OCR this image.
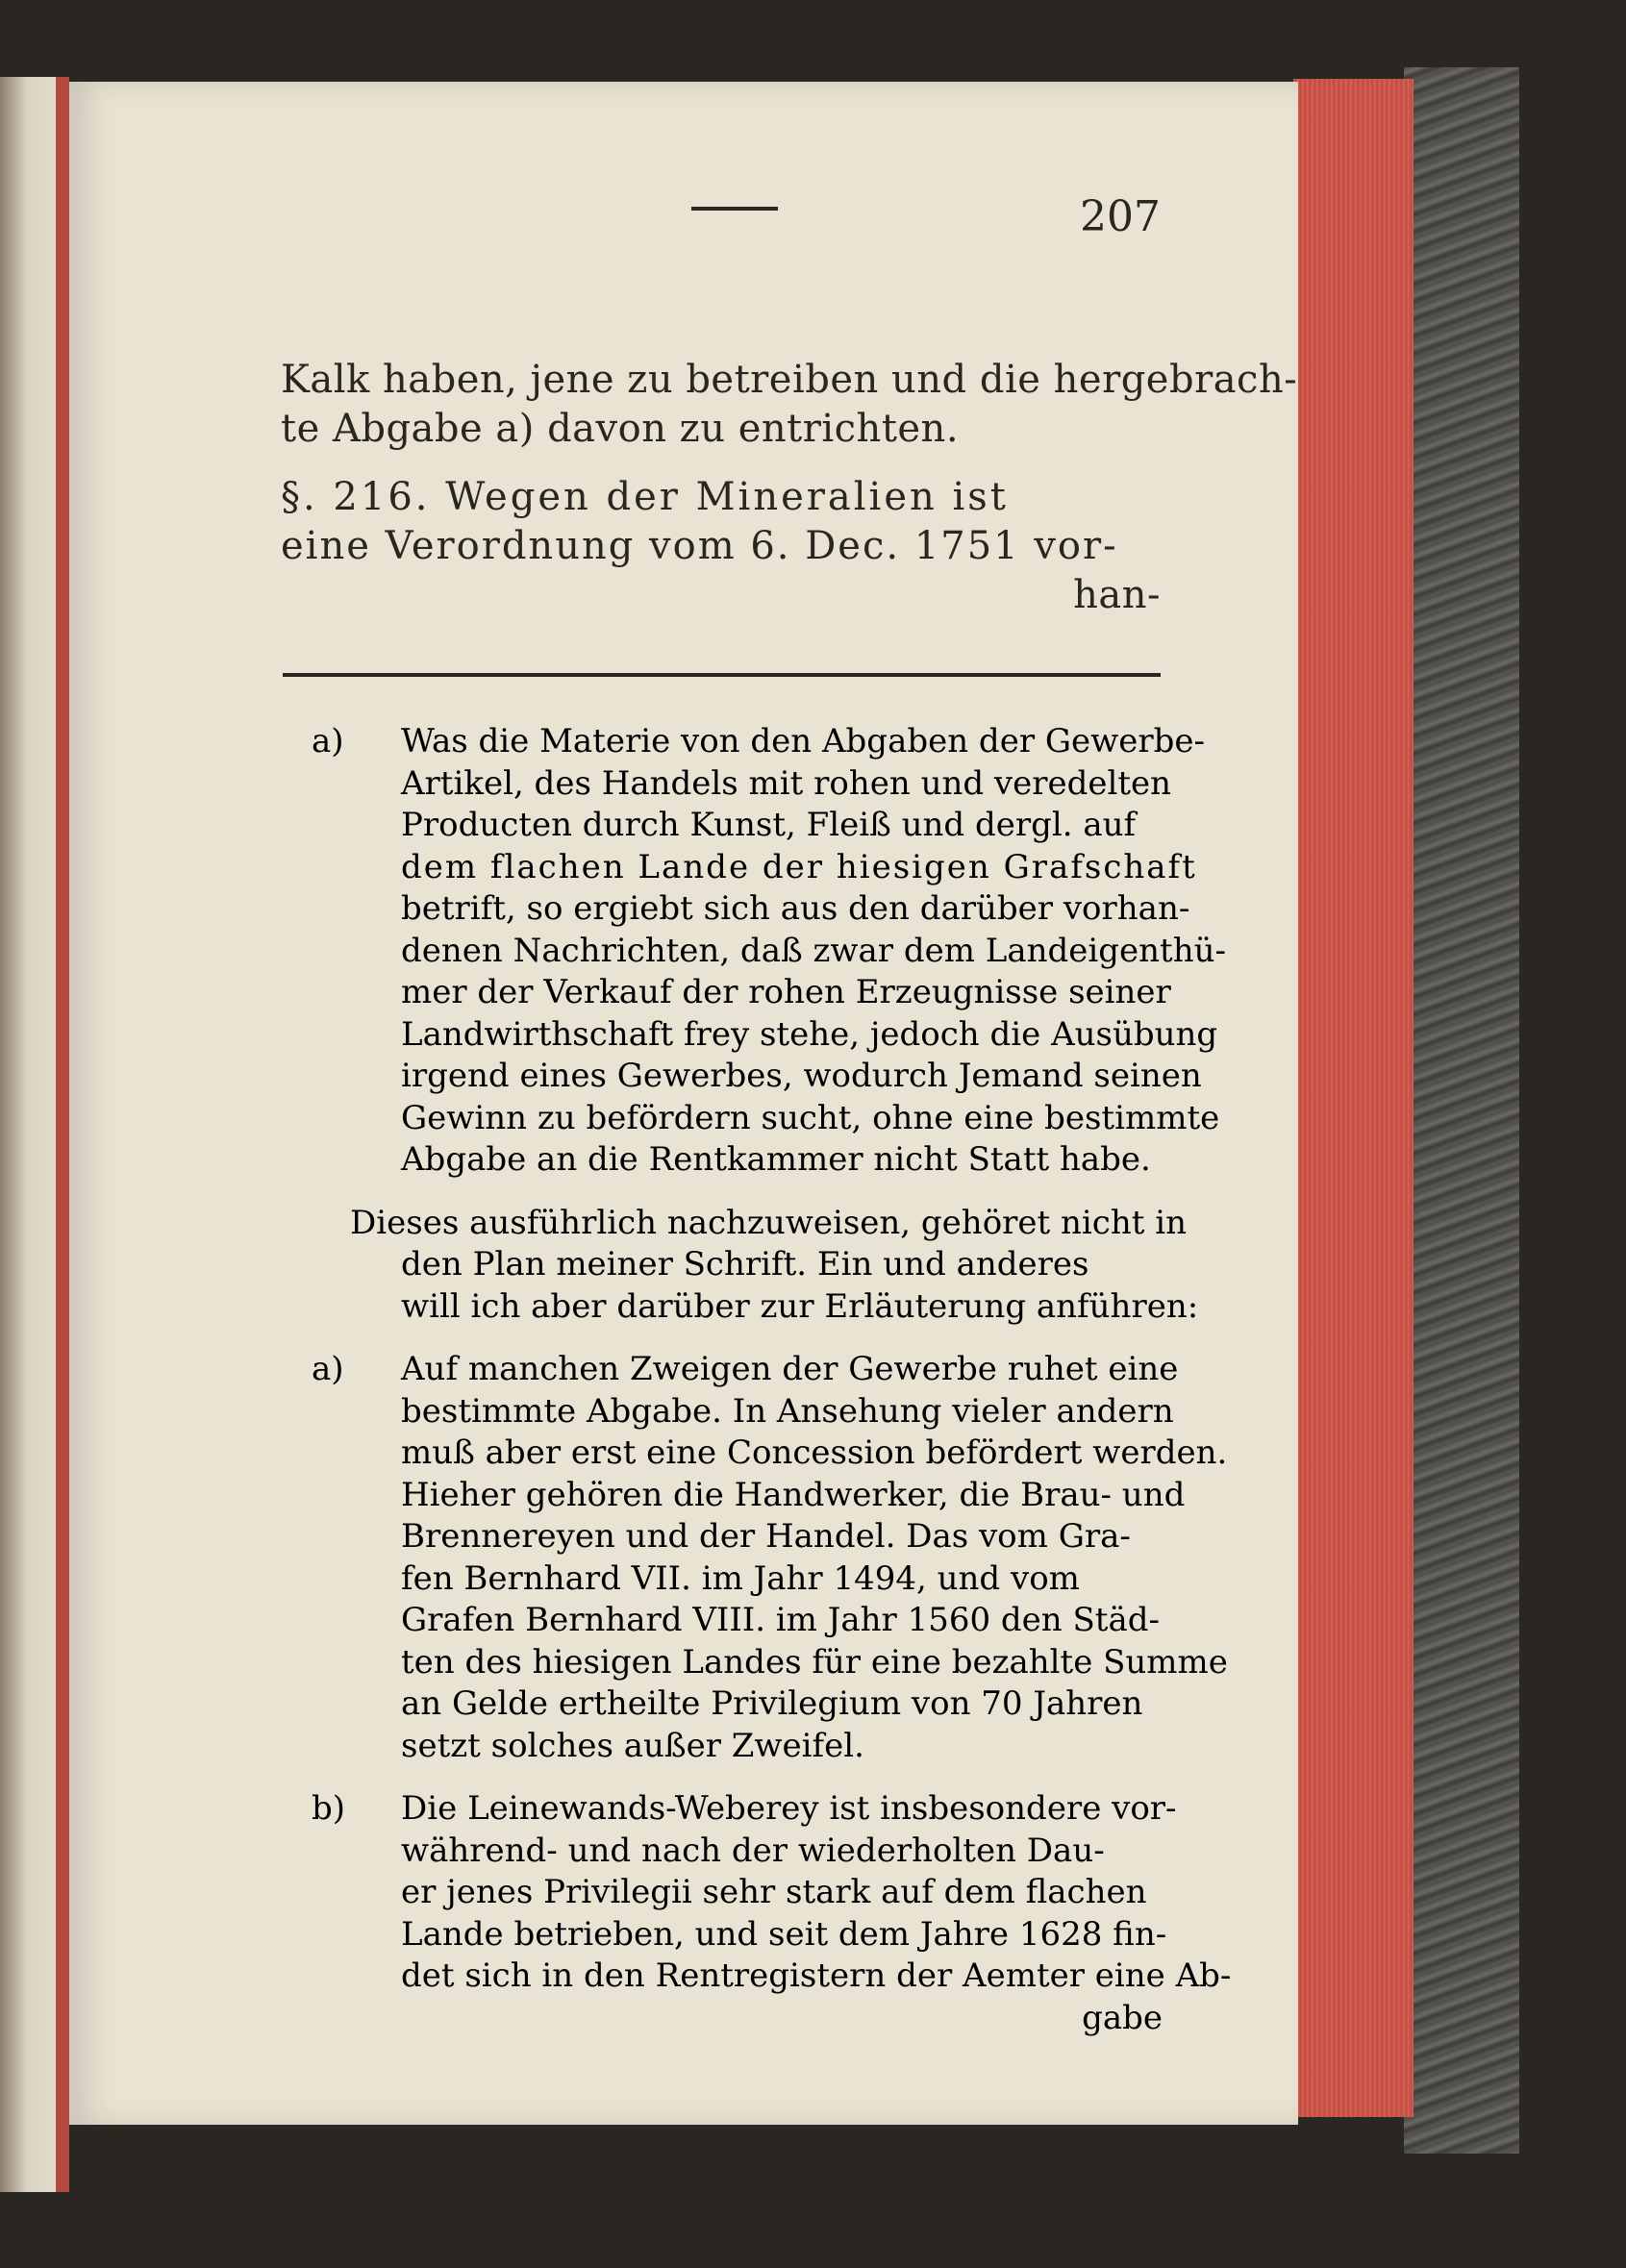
207
Kalk haben, jene zu betreiben und die hergebrach-
te Abgabe a) davon zu entrichten.
§. 216. Wegen der Mineralien ist
eine Verordnung vom 6. Dec. 1751 vor-
han-
a) Was die Materie von den Abgaben der Gewerbe-
Artikel, des Handels mit rohen und veredelten
Producten durch Kunst, Fleiß und dergl. auf
dem flachen Lande der hiesigen Grafschaft
betrift, so ergiebt sich aus den darüber vorhan-
denen Nachrichten, daß zwar dem Landeigenthü-
mer der Verkauf der rohen Erzeugnisse seiner
Landwirthschaft frey stehe, jedoch die Ausübung
irgend eines Gewerbes, wodurch Jemand seinen
Gewinn zu befördern sucht, ohne eine bestimmte
Abgabe an die Rentkammer nicht Statt habe.
Dieses ausführlich nachzuweisen, gehöret nicht in
den Plan meiner Schrift. Ein und anderes
will ich aber darüber zur Erläuterung anführen:
a) Auf manchen Zweigen der Gewerbe ruhet eine
bestimmte Abgabe. In Ansehung vieler andern
muß aber erst eine Concession befördert werden.
Hieher gehören die Handwerker, die Brau- und
Brennereyen und der Handel. Das vom Gra-
fen Bernhard VII. im Jahr 1494, und vom
Grafen Bernhard VIII. im Jahr 1560 den Städ-
ten des hiesigen Landes für eine bezahlte Summe
an Gelde ertheilte Privilegium von 70 Jahren
setzt solches außer Zweifel.
b) Die Leinewands-Weberey ist insbesondere vor-
während- und nach der wiederholten Dau-
er jenes Privilegii sehr stark auf dem flachen
Lande betrieben, und seit dem Jahre 1628 fin-
det sich in den Rentregistern der Aemter eine Ab-
gabe
